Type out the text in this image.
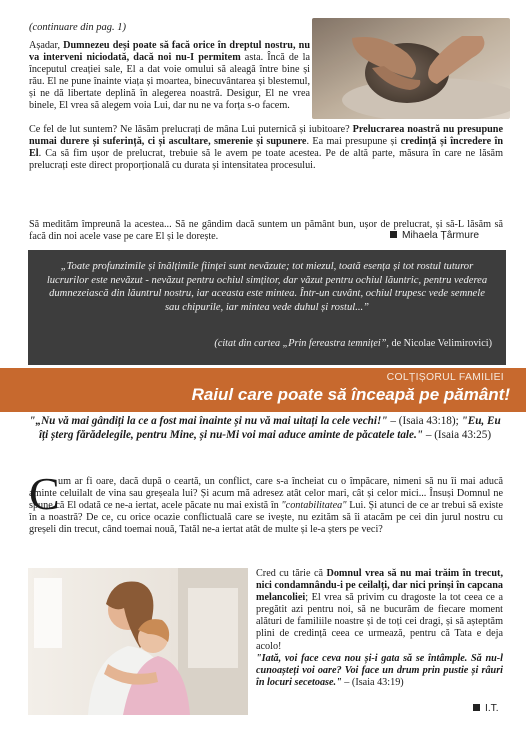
(continuare din pag. 1)
Așadar, Dumnezeu deși poate să facă orice în dreptul nostru, nu va interveni niciodată, dacă noi nu-I permitem asta. Încă de la începutul creației sale, El a dat voie omului să aleagă între bine și rău. El ne pune înainte viața și moartea, binecuvântarea și blestemul, și ne dă libertate deplină în alegerea noastră. Desigur, El ne vrea binele, El vrea să alegem voia Lui, dar nu ne va forța s-o facem.
Ce fel de lut suntem? Ne lăsăm prelucrați de mâna Lui puternică și iubitoare? Prelucrarea noastră nu presupune numai durere și suferință, ci și ascultare, smerenie și supunere. Ea mai presupune și credință și încredere în El. Ca să fim ușor de prelucrat, trebuie să le avem pe toate acestea. Pe de altă parte, măsura în care ne lăsăm prelucrați este direct proporțională cu durata și intensitatea procesului.
Să medităm împreună la acestea... Să ne gândim dacă suntem un pământ bun, ușor de prelucrat, și să-L lăsăm să facă din noi acele vase pe care El și le dorește.	Mihaela Țârmure
„Toate profunzimile și înălțimile ființei sunt nevăzute; tot miezul, toată esența și tot rostul tuturor lucrurilor este nevăzut - nevăzut pentru ochiul simțitor, dar văzut pentru ochiul lăuntric, pentru vederea dumnezeiască din lăuntrul nostru, iar aceasta este mintea. Într-un cuvânt, ochiul trupesc vede semnele sau chipurile, iar mintea vede duhul și rostul...”
(citat din cartea „Prin fereastra temniței”, de Nicolae Velimirovici)
COLȚIȘORUL FAMILIEI
Raiul care poate să înceapă pe pământ!
"„Nu vă mai gândiți la ce a fost mai înainte și nu vă mai uitați la cele vechi!" – (Isaia 43:18); "Eu, Eu îți șterg fărădelegile, pentru Mine, și nu-Mi voi mai aduce aminte de păcatele tale." – (Isaia 43:25)
C
um ar fi oare, dacă după o ceartă, un conflict, care s-a încheiat cu o împăcare, nimeni să nu îi mai aducă aminte celuilalt de vina sau greșeala lui? Și acum mă adresez atât celor mari, cât și celor mici... Însuși Domnul ne spune că El odată ce ne-a iertat, acele păcate nu mai există în "contabilitatea" Lui. Și atunci de ce ar trebui să existe în a noastră? De ce, cu orice ocazie conflictuală care se ivește, nu ezităm să îi atacăm pe cei din jurul nostru cu greșeli din trecut, când toemai nouă, Tatăl ne-a iertat atât de multe și le-a șters pe veci?
Cred cu tărie că Domnul vrea să nu mai trăim în trecut, nici condamnându-i pe ceilalți, dar nici prinși în capcana melancoliei; El vrea să privim cu dragoste la tot ceea ce a pregătit azi pentru noi, să ne bucurăm de fiecare moment alături de familiile noastre și de toți cei dragi, și să așteptăm plini de credință ceea ce urmează, pentru că Tata e deja acolo!
"Iată, voi face ceva nou și-i gata să se întâmple. Să nu-l cunoașteți voi oare? Voi face un drum prin pustie și râuri în locuri secetoase." – (Isaia 43:19)
I.T.
